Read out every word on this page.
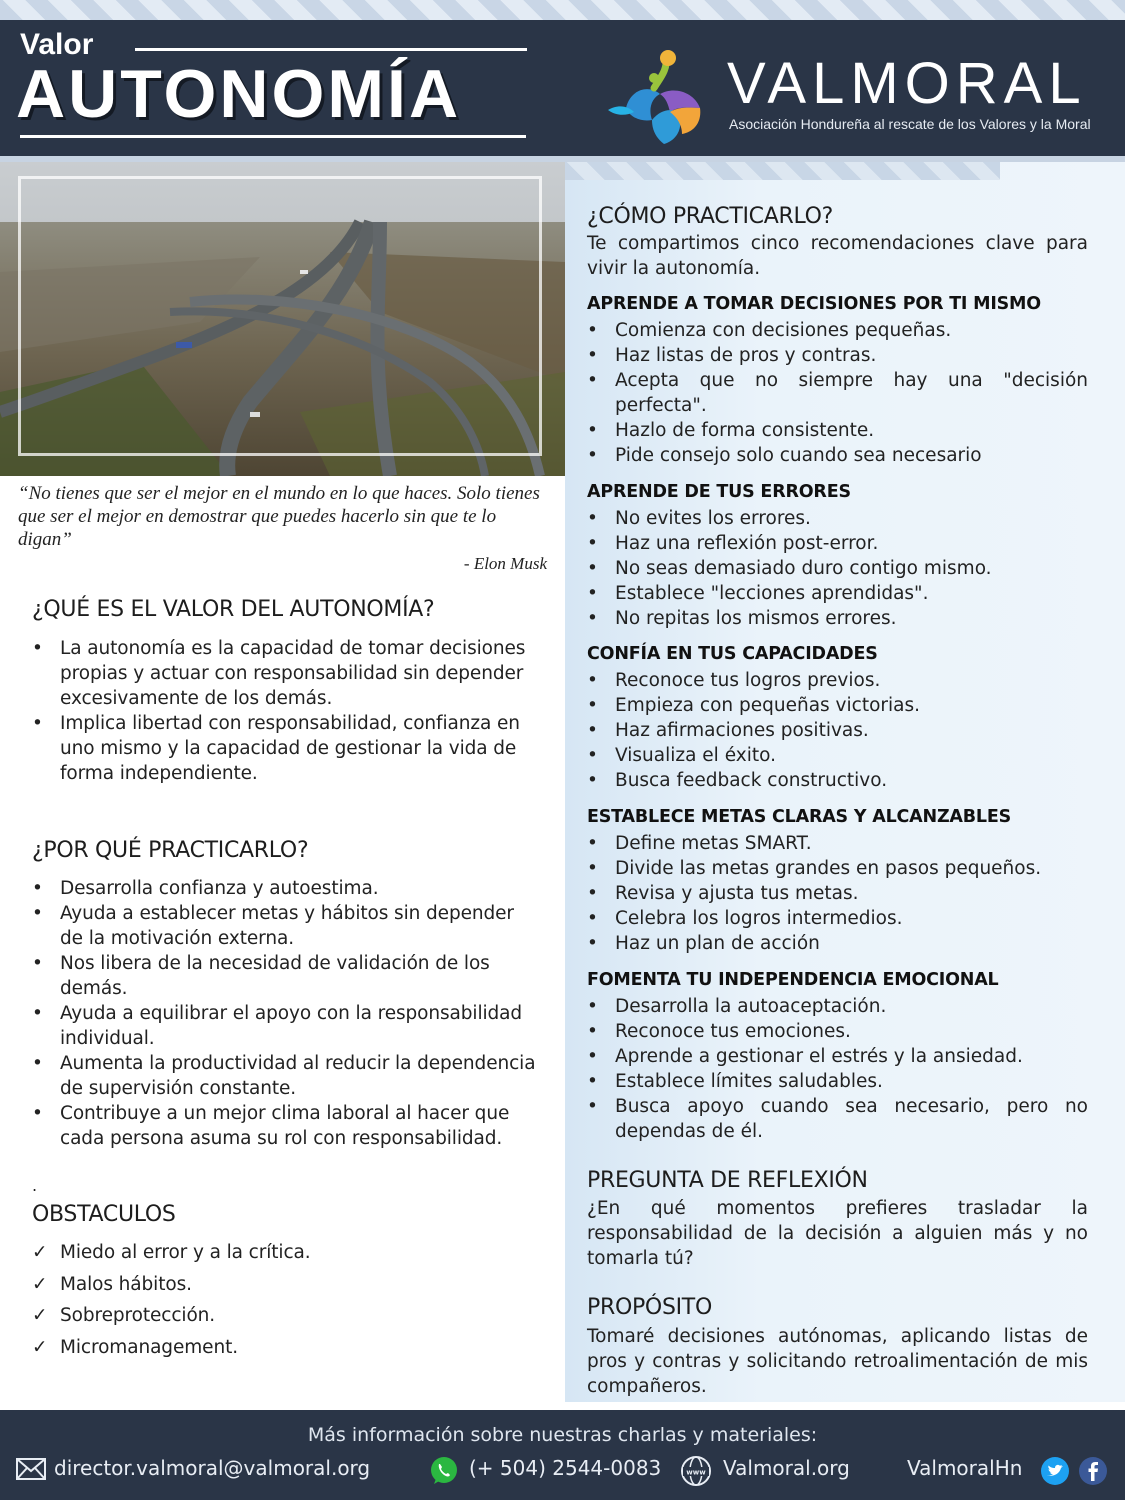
Valor
AUTONOMÍA	VALMORAL
Asociación Hondureña al rescate de los Valores y la Moral
“No tienes que ser el mejor en el mundo en lo que haces. Solo tienes que ser el mejor en demostrar que puedes hacerlo sin que te lo digan”
- Elon Musk
¿QUÉ ES EL VALOR DEL AUTONOMÍA?
• La autonomía es la capacidad de tomar decisiones propias y actuar con responsabilidad sin depender excesivamente de los demás.
• Implica libertad con responsabilidad, confianza en uno mismo y la capacidad de gestionar la vida de forma independiente.
¿POR QUÉ PRACTICARLO?
• Desarrolla confianza y autoestima.
• Ayuda a establecer metas y hábitos sin depender de la motivación externa.
• Nos libera de la necesidad de validación de los demás.
• Ayuda a equilibrar el apoyo con la responsabilidad individual.
• Aumenta la productividad al reducir la dependencia de supervisión constante.
• Contribuye a un mejor clima laboral al hacer que cada persona asuma su rol con responsabilidad.
.
OBSTACULOS
✓ Miedo al error y a la crítica.
✓ Malos hábitos.
✓ Sobreprotección.
✓ Micromanagement.
¿CÓMO PRACTICARLO?
Te compartimos cinco recomendaciones clave para vivir la autonomía.
APRENDE A TOMAR DECISIONES POR TI MISMO
• Comienza con decisiones pequeñas.
• Haz listas de pros y contras.
• Acepta que no siempre hay una "decisión perfecta".
• Hazlo de forma consistente.
• Pide consejo solo cuando sea necesario
APRENDE DE TUS ERRORES
• No evites los errores.
• Haz una reflexión post-error.
• No seas demasiado duro contigo mismo.
• Establece "lecciones aprendidas".
• No repitas los mismos errores.
CONFÍA EN TUS CAPACIDADES
• Reconoce tus logros previos.
• Empieza con pequeñas victorias.
• Haz afirmaciones positivas.
• Visualiza el éxito.
• Busca feedback constructivo.
ESTABLECE METAS CLARAS Y ALCANZABLES
• Define metas SMART.
• Divide las metas grandes en pasos pequeños.
• Revisa y ajusta tus metas.
• Celebra los logros intermedios.
• Haz un plan de acción
FOMENTA TU INDEPENDENCIA EMOCIONAL
• Desarrolla la autoaceptación.
• Reconoce tus emociones.
• Aprende a gestionar el estrés y la ansiedad.
• Establece límites saludables.
• Busca apoyo cuando sea necesario, pero no dependas de él.
PREGUNTA DE REFLEXIÓN
¿En qué momentos prefieres trasladar la responsabilidad de la decisión a alguien más y no tomarla tú?
PROPÓSITO
Tomaré decisiones autónomas, aplicando listas de pros y contras y solicitando retroalimentación de mis compañeros.
Más información sobre nuestras charlas y materiales:
director.valmoral@valmoral.org	(+ 504) 2544-0083	www Valmoral.org	ValmoralHn
